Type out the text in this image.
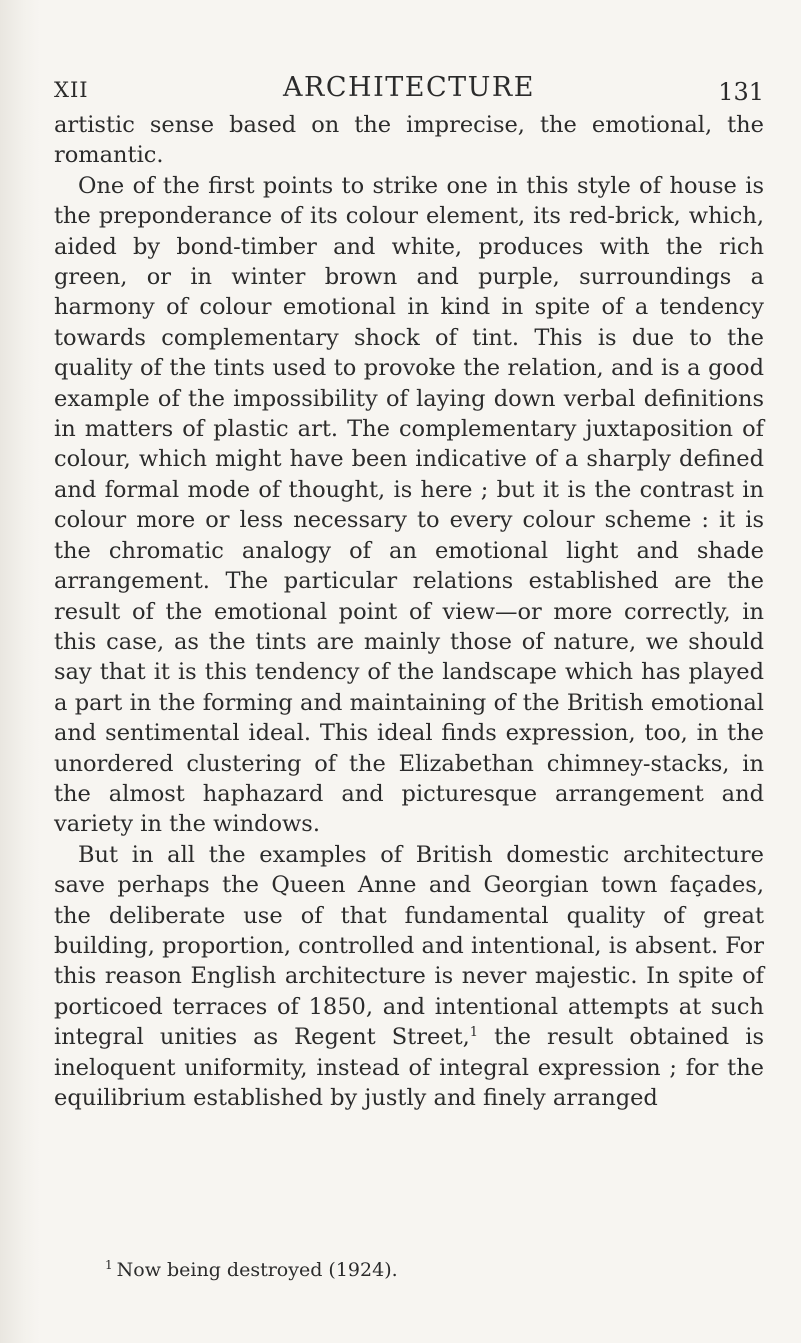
XII	ARCHITECTURE	131

artistic sense based on the imprecise, the emotional, the romantic.

One of the first points to strike one in this style of house is the preponderance of its colour element, its red-brick, which, aided by bond-timber and white, produces with the rich green, or in winter brown and purple, surroundings a harmony of colour emotional in kind in spite of a tendency towards complementary shock of tint. This is due to the quality of the tints used to provoke the relation, and is a good example of the impossibility of laying down verbal definitions in matters of plastic art. The complementary juxtaposition of colour, which might have been indicative of a sharply defined and formal mode of thought, is here ; but it is the contrast in colour more or less necessary to every colour scheme : it is the chromatic analogy of an emotional light and shade arrangement. The particular relations established are the result of the emotional point of view—or more correctly, in this case, as the tints are mainly those of nature, we should say that it is this tendency of the landscape which has played a part in the forming and maintaining of the British emotional and sentimental ideal. This ideal finds expression, too, in the unordered clustering of the Elizabethan chimney-stacks, in the almost haphazard and picturesque arrangement and variety in the windows.

But in all the examples of British domestic architecture save perhaps the Queen Anne and Georgian town façades, the deliberate use of that fundamental quality of great building, proportion, controlled and intentional, is absent. For this reason English architecture is never majestic. In spite of porticoed terraces of 1850, and intentional attempts at such integral unities as Regent Street,$^1$ the result obtained is ineloquent uniformity, instead of integral expression ; for the equilibrium established by justly and finely arranged

$^1$ Now being destroyed (1924).
